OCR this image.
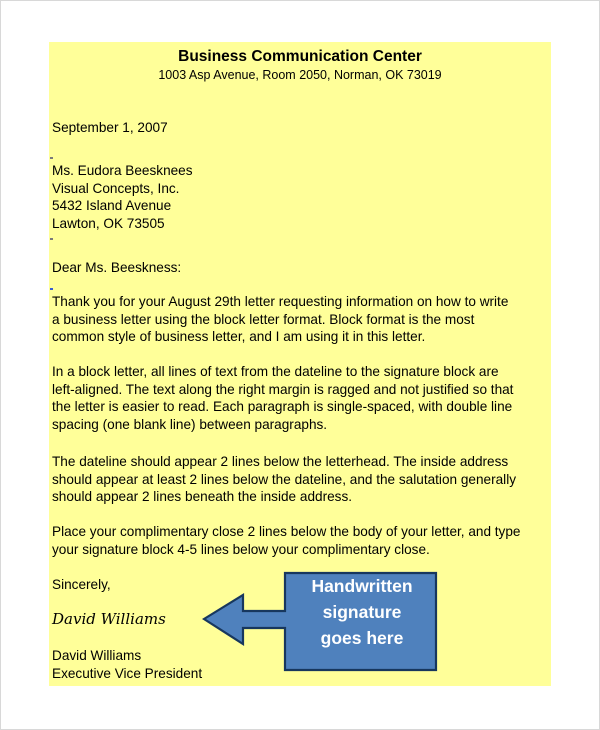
Business Communication Center
1003 Asp Avenue, Room 2050, Norman, OK 73019
September 1, 2007
Ms. Eudora Beesknees
Visual Concepts, Inc.
5432 Island Avenue
Lawton, OK 73505
Dear Ms. Beeskness:
Thank you for your August 29th letter requesting information on how to write
a business letter using the block letter format. Block format is the most
common style of business letter, and I am using it in this letter.
In a block letter, all lines of text from the dateline to the signature block are
left-aligned. The text along the right margin is ragged and not justified so that
the letter is easier to read. Each paragraph is single-spaced, with double line
spacing (one blank line) between paragraphs.
The dateline should appear 2 lines below the letterhead. The inside address
should appear at least 2 lines below the dateline, and the salutation generally
should appear 2 lines beneath the inside address.
Place your complimentary close 2 lines below the body of your letter, and type
your signature block 4-5 lines below your complimentary close.
Sincerely,
David Williams
David Williams
Executive Vice President
Handwritten
signature
goes here
